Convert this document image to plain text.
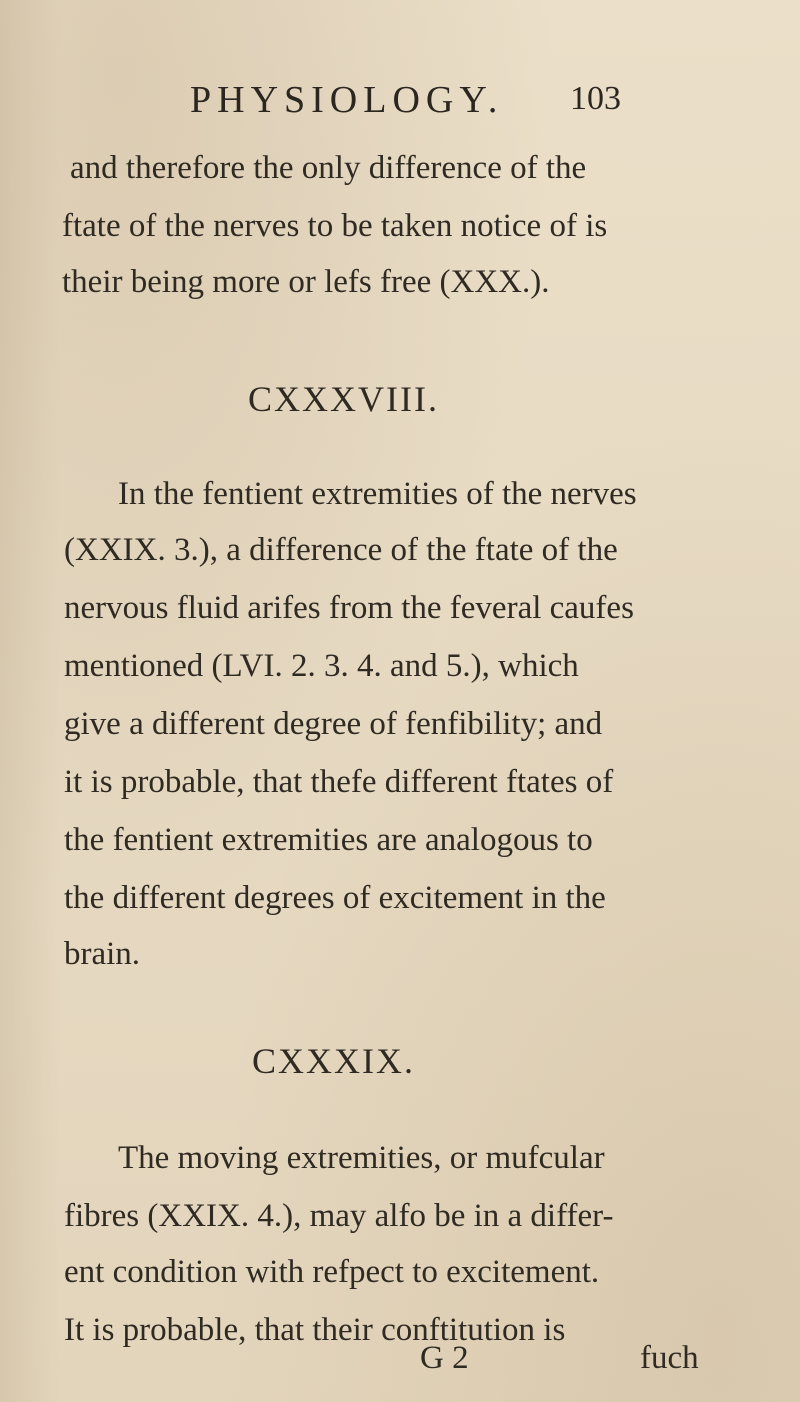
PHYSIOLOGY. 103
and therefore the only difference of the
ftate of the nerves to be taken notice of is
their being more or lefs free (XXX.).
CXXXVIII.
In the fentient extremities of the nerves
(XXIX. 3.), a difference of the ftate of the
nervous fluid arifes from the feveral caufes
mentioned (LVI. 2. 3. 4. and 5.), which
give a different degree of fenfibility; and
it is probable, that thefe different ftates of
the fentient extremities are analogous to
the different degrees of excitement in the
brain.
CXXXIX.
The moving extremities, or mufcular
fibres (XXIX. 4.), may alfo be in a differ-
ent condition with refpect to excitement.
It is probable, that their conftitution is
G 2	fuch
